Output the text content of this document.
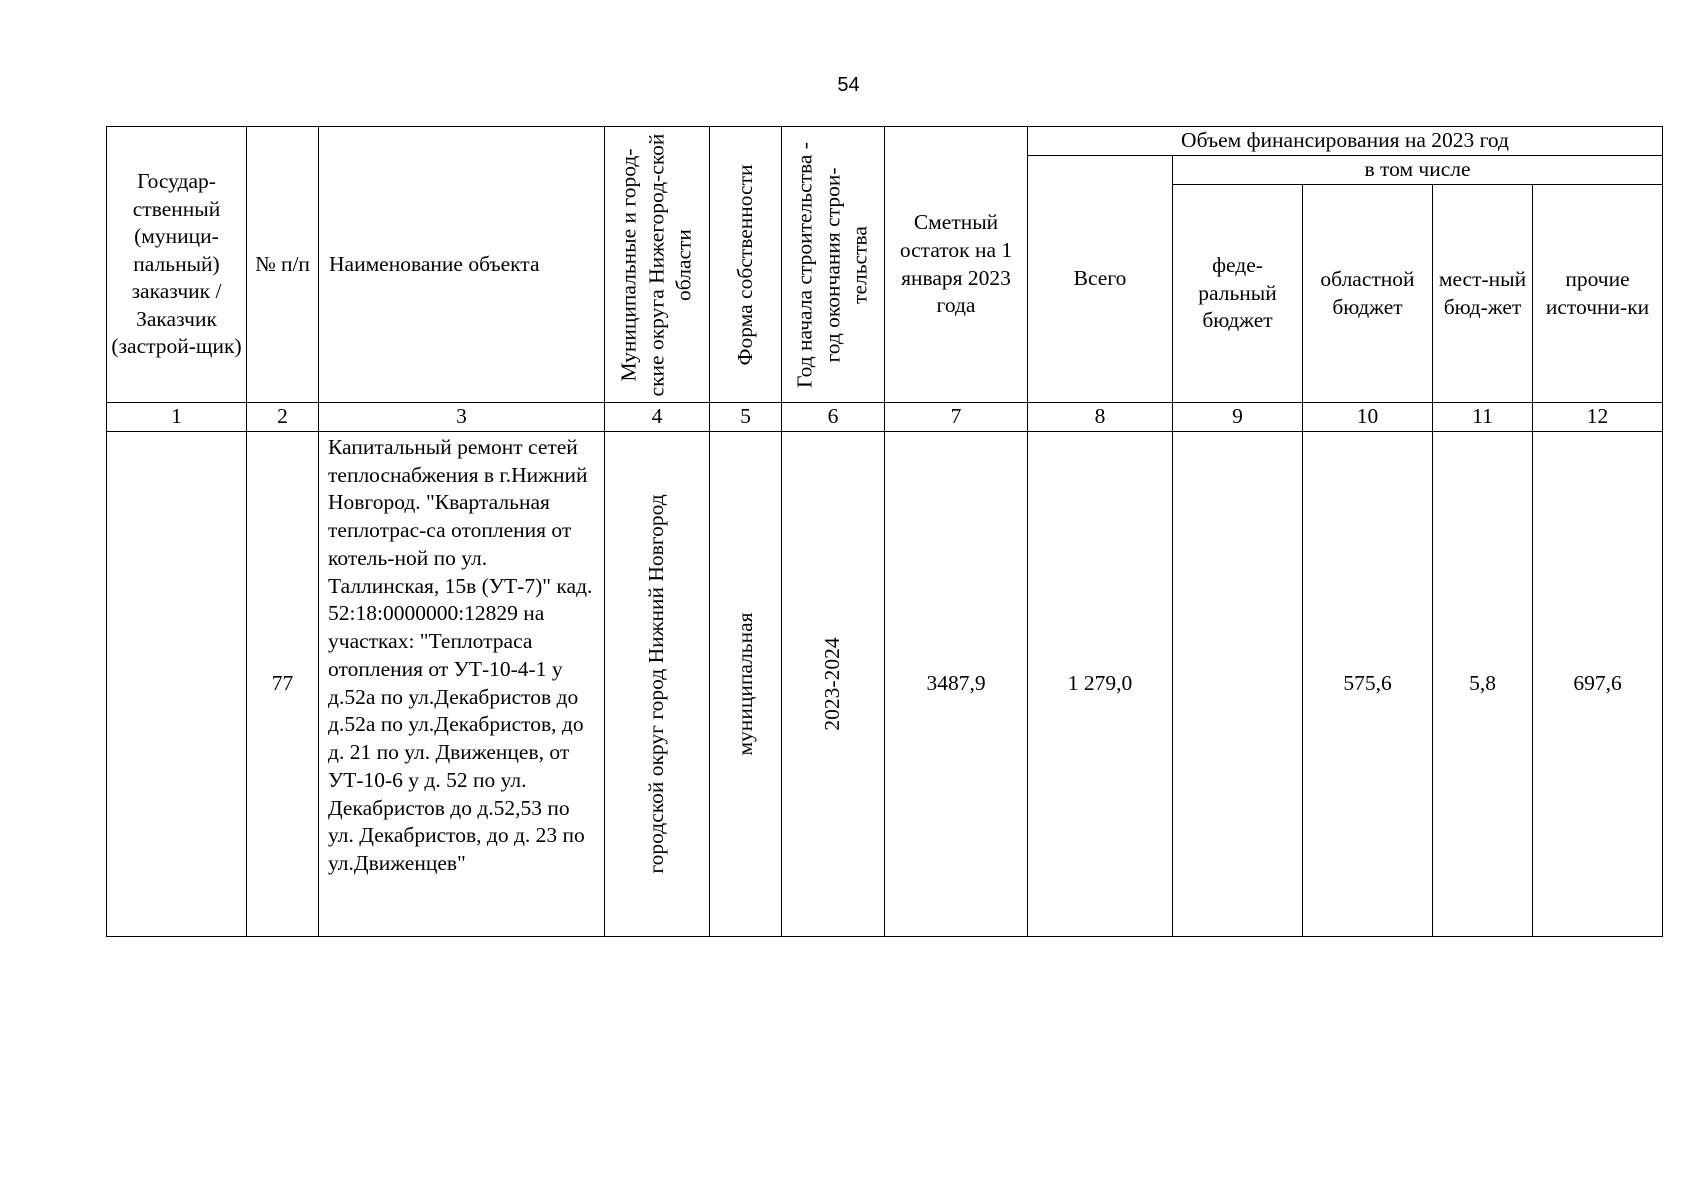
54
Государ-ственный (муници-пальный) заказчик / Заказчик (застрой-щик)	№ п/п	Наименование объекта	Муниципальные и город-ские округа Нижегород-ской области	Форма собственности	Год начала строительства - год окончания строи-тельства	Сметный остаток на 1 января 2023 года	Объем финансирования на 2023 год				
							Всего	в том числе			
								феде-ральный бюджет	областной бюджет	мест-ный бюд-жет	прочие источни-ки
1	2	3	4	5	6	7	8	9	10	11	12
	77	Капитальный ремонт сетей теплоснабжения в г.Нижний Новгород. "Квартальная теплотрас-са отопления от котель-ной по ул. Таллинская, 15в (УТ-7)" кад. 52:18:0000000:12829 на участках: "Теплотраса отопления от УТ-10-4-1 у д.52а по ул.Декабристов до д.52а по ул.Декабристов, до д. 21 по ул. Движенцев, от УТ-10-6 у д. 52 по ул. Декабристов до д.52,53 по ул. Декабристов, до д. 23 по ул.Движенцев"	городской округ город Нижний Новгород	муниципальная	2023-2024	3487,9	1 279,0		575,6	5,8	697,6
